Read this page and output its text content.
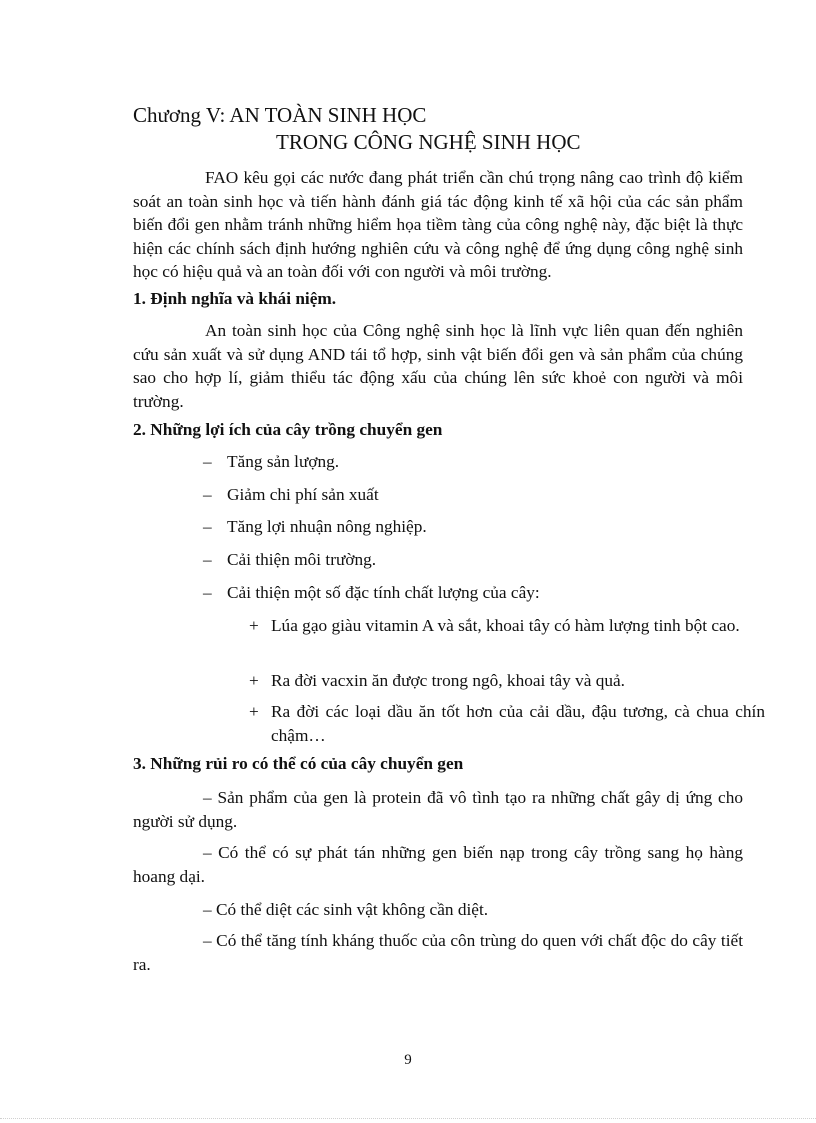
Chương V: AN TOÀN SINH HỌC
TRONG CÔNG NGHỆ SINH HỌC
FAO kêu gọi các nước đang phát triển cần chú trọng nâng cao trình độ kiểm soát an toàn sinh học và tiến hành đánh giá tác động kinh tế xã hội của các sản phẩm biến đổi gen nhằm tránh những hiểm họa tiềm tàng của công nghệ này, đặc biệt là thực hiện các chính sách định hướng nghiên cứu và công nghệ để ứng dụng công nghệ sinh học có hiệu quả và an toàn đối với con người và môi trường.
1. Định nghĩa và khái niệm.
An toàn sinh học của Công nghệ sinh học là lĩnh vực liên quan đến nghiên cứu sản xuất và sử dụng AND tái tổ hợp, sinh vật biến đổi gen và sản phẩm của chúng sao cho hợp lí, giảm thiểu tác động xấu của chúng lên sức khoẻ con người và môi trường.
2. Những lợi ích của cây trồng chuyển gen
– Tăng sản lượng.
– Giảm chi phí sản xuất
– Tăng lợi nhuận nông nghiệp.
– Cải thiện môi trường.
– Cải thiện một số đặc tính chất lượng của cây:
+ Lúa gạo giàu vitamin A và sắt, khoai tây có hàm lượng tinh bột cao.
+ Ra đời vacxin ăn được trong ngô, khoai tây và quả.
+ Ra đời các loại dầu ăn tốt hơn của cải dầu, đậu tương, cà chua chín chậm…
3. Những rủi ro có thể có của cây chuyển gen
– Sản phẩm của gen là protein đã vô tình tạo ra những chất gây dị ứng cho người sử dụng.
– Có thể có sự phát tán những gen biến nạp trong cây trồng sang họ hàng hoang dại.
– Có thể diệt các sinh vật không cần diệt.
– Có thể tăng tính kháng thuốc của côn trùng do quen với chất độc do cây tiết ra.
9
